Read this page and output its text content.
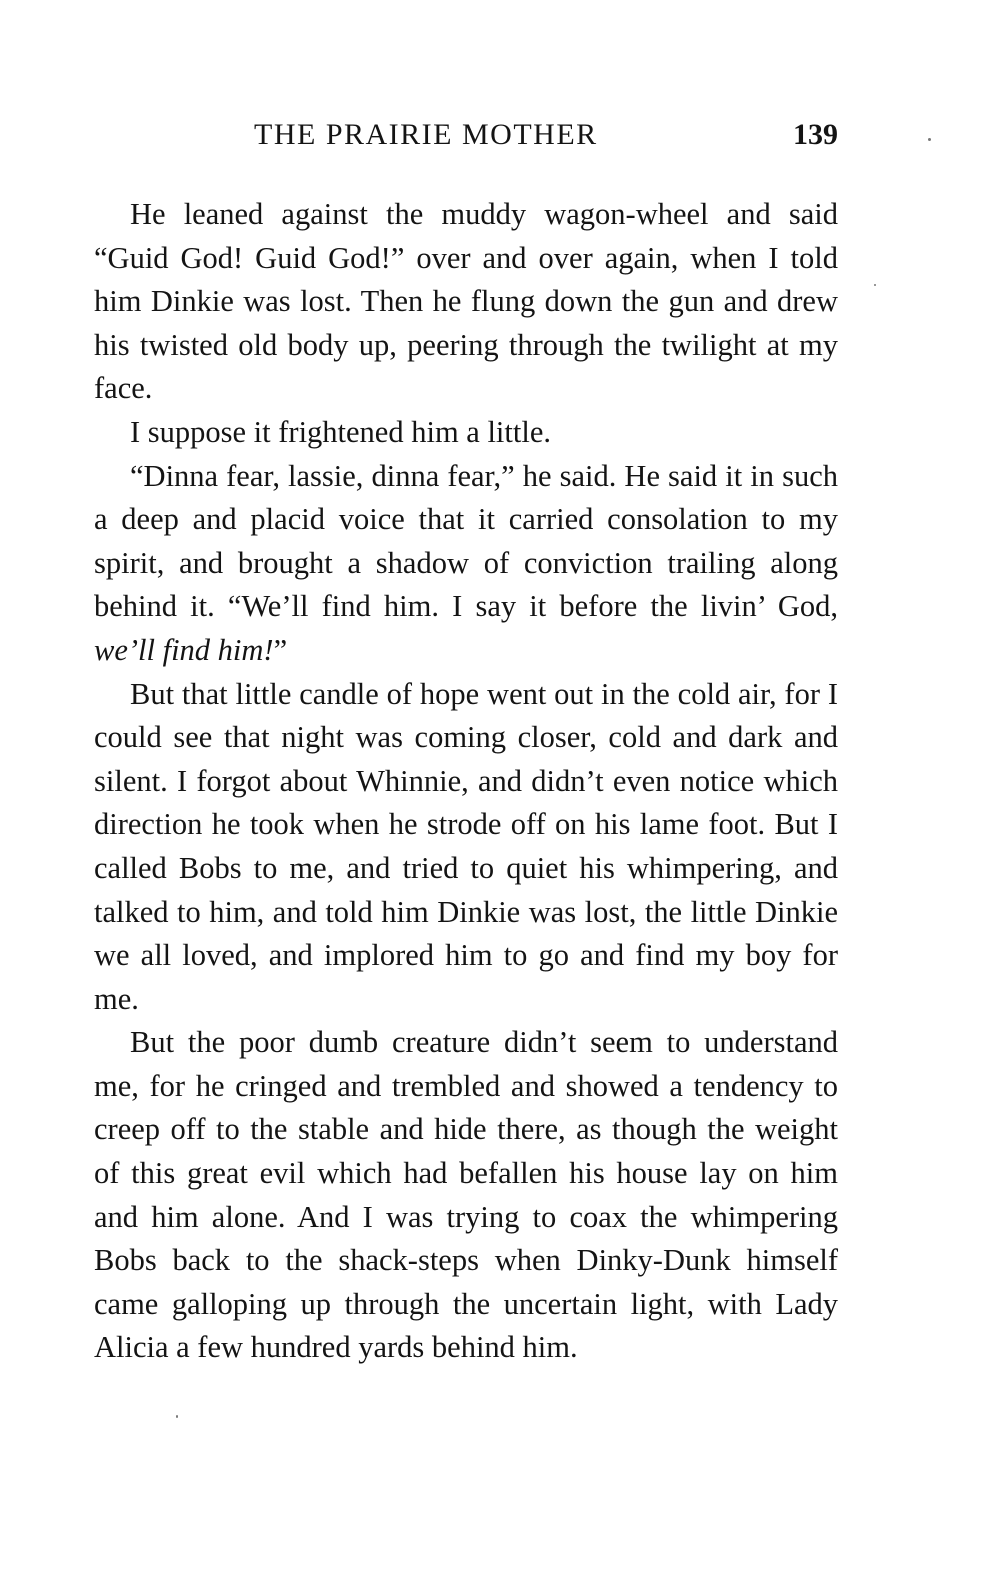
THE PRAIRIE MOTHER	139

He leaned against the muddy wagon-wheel and said “Guid God! Guid God!” over and over again, when I told him Dinkie was lost. Then he flung down the gun and drew his twisted old body up, peering through the twilight at my face.

I suppose it frightened him a little.

“Dinna fear, lassie, dinna fear,” he said. He said it in such a deep and placid voice that it carried consolation to my spirit, and brought a shadow of conviction trailing along behind it. “We’ll find him. I say it before the livin’ God, we’ll find him!”

But that little candle of hope went out in the cold air, for I could see that night was coming closer, cold and dark and silent. I forgot about Whinnie, and didn’t even notice which direction he took when he strode off on his lame foot. But I called Bobs to me, and tried to quiet his whimpering, and talked to him, and told him Dinkie was lost, the little Dinkie we all loved, and implored him to go and find my boy for me.

But the poor dumb creature didn’t seem to understand me, for he cringed and trembled and showed a tendency to creep off to the stable and hide there, as though the weight of this great evil which had befallen his house lay on him and him alone. And I was trying to coax the whimpering Bobs back to the shack-steps when Dinky-Dunk himself came galloping up through the uncertain light, with Lady Alicia a few hundred yards behind him.
